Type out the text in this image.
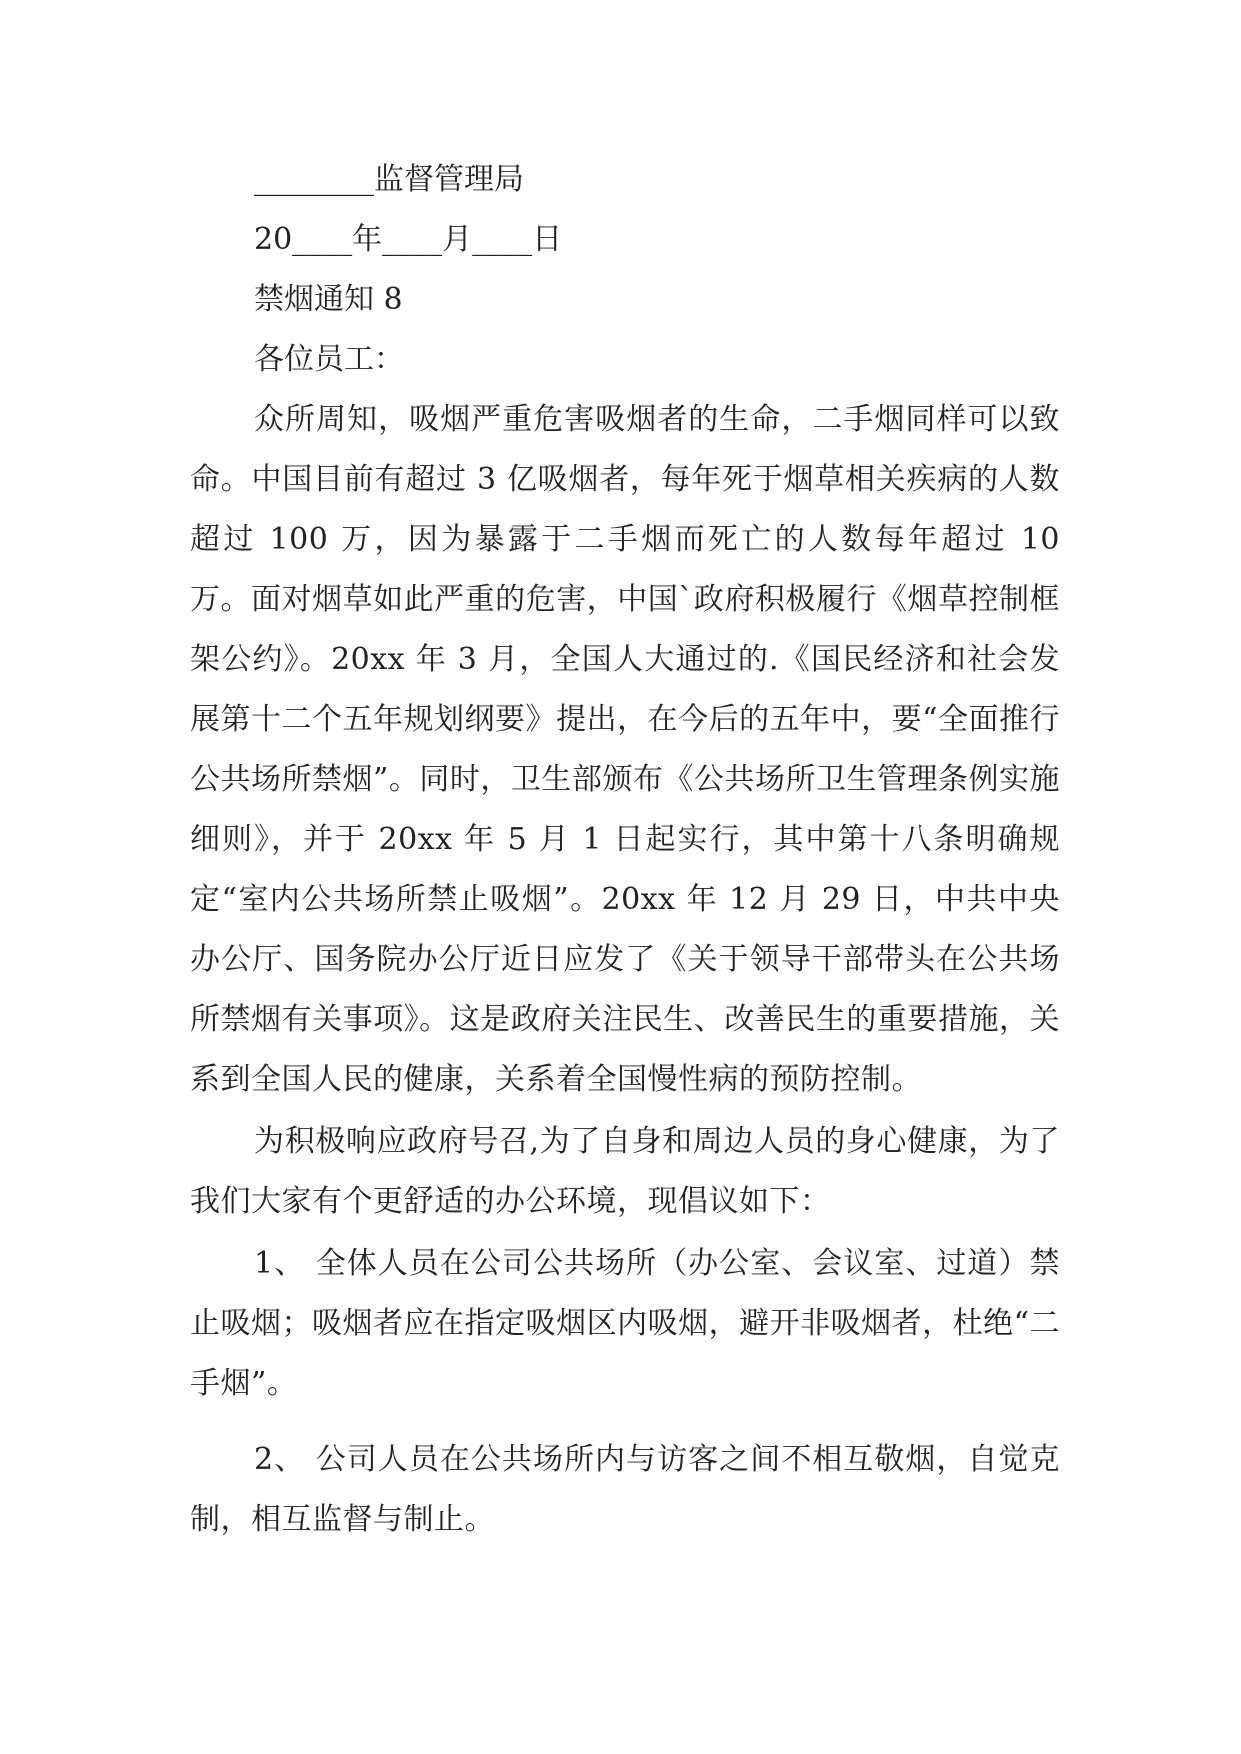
________监督管理局

20____年____月____日

禁烟通知 8

各位员工：

众所周知，吸烟严重危害吸烟者的生命，二手烟同样可以致命。中国目前有超过 3 亿吸烟者，每年死于烟草相关疾病的人数超过 100 万，因为暴露于二手烟而死亡的人数每年超过 10 万。面对烟草如此严重的危害，中国`政府积极履行《烟草控制框架公约》。20xx 年 3 月，全国人大通过的.《国民经济和社会发展第十二个五年规划纲要》提出，在今后的五年中，要“全面推行公共场所禁烟”。同时，卫生部颁布《公共场所卫生管理条例实施细则》，并于 20xx 年 5 月 1 日起实行，其中第十八条明确规定“室内公共场所禁止吸烟”。20xx 年 12 月 29 日，中共中央办公厅、国务院办公厅近日应发了《关于领导干部带头在公共场所禁烟有关事项》。这是政府关注民生、改善民生的重要措施，关系到全国人民的健康，关系着全国慢性病的预防控制。

为积极响应政府号召,为了自身和周边人员的身心健康，为了我们大家有个更舒适的办公环境，现倡议如下：

1、 全体人员在公司公共场所（办公室、会议室、过道）禁止吸烟；吸烟者应在指定吸烟区内吸烟，避开非吸烟者，杜绝“二手烟”。

2、 公司人员在公共场所内与访客之间不相互敬烟，自觉克制，相互监督与制止。
